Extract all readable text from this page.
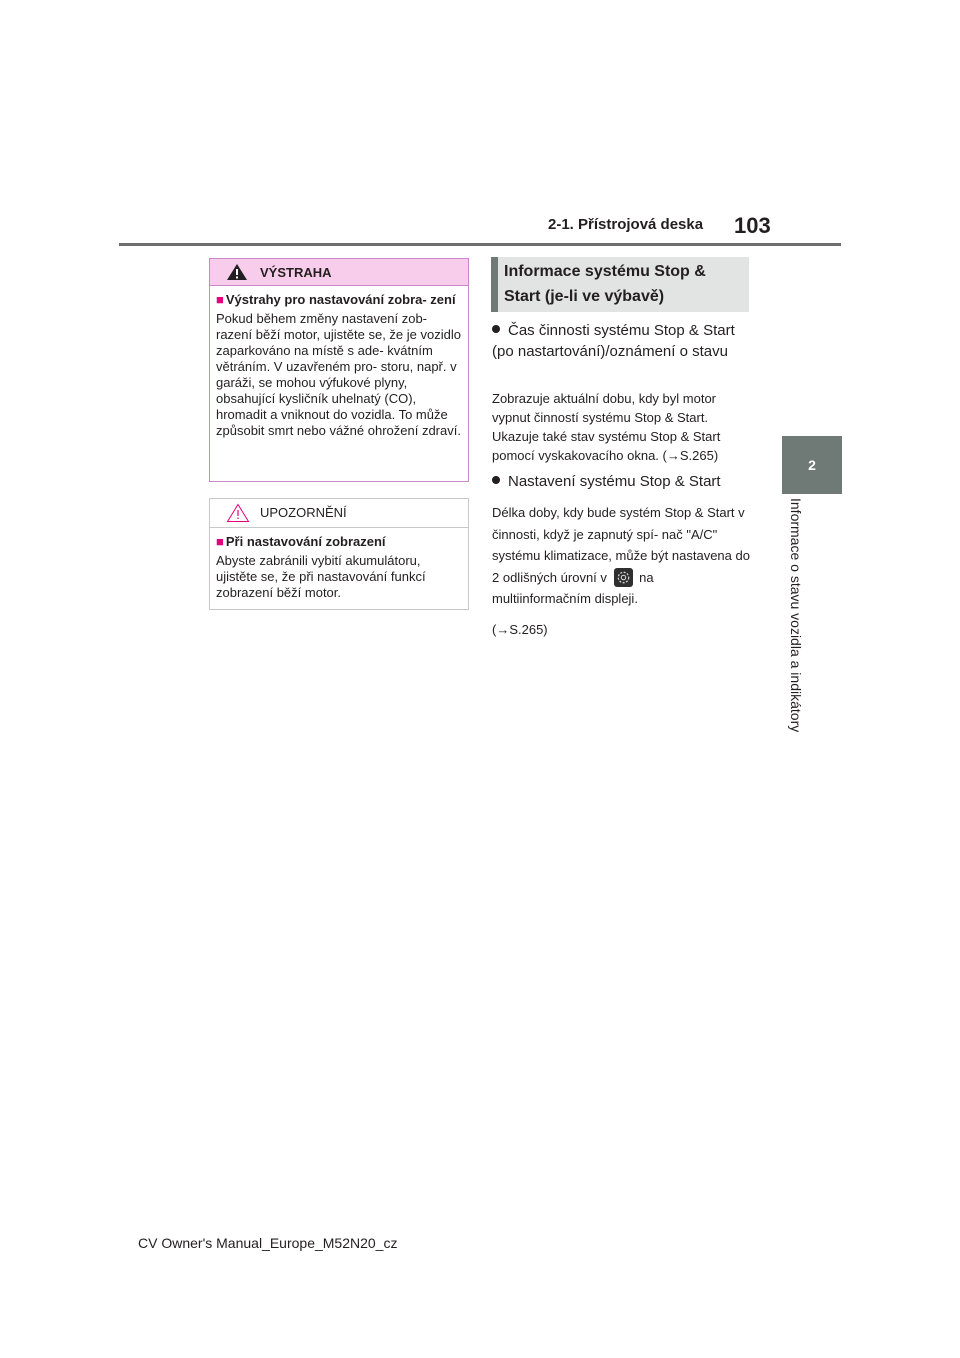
2-1. Přístrojová deska 103
2
Informace o stavu vozidla a indikátory
VÝSTRAHA
■ Výstrahy pro nastavování zobra- zení
Pokud během změny nastavení zob- razení běží motor, ujistěte se, že je vozidlo zaparkováno na místě s ade- kvátním větráním. V uzavřeném pro- storu, např. v garáži, se mohou výfukové plyny, obsahující kysličník uhelnatý (CO), hromadit a vniknout do vozidla. To může způsobit smrt nebo vážné ohrožení zdraví.
UPOZORNĚNÍ
■ Při nastavování zobrazení
Abyste zabránili vybití akumulátoru, ujistěte se, že při nastavování funkcí zobrazení běží motor.
Informace systému Stop & Start (je-li ve výbavě)
Čas činnosti systému Stop & Start (po nastartování)/oznámení o stavu
Zobrazuje aktuální dobu, kdy byl motor vypnut činností systému Stop & Start. Ukazuje také stav systému Stop & Start pomocí vyskakovacího okna. (→S.265)
Nastavení systému Stop & Start
Délka doby, kdy bude systém Stop & Start v činnosti, když je zapnutý spí- nač "A/C" systému klimatizace, může být nastavena do 2 odlišných úrovní v na multiinformačním displeji.
(→S.265)
CV Owner's Manual_Europe_M52N20_cz
